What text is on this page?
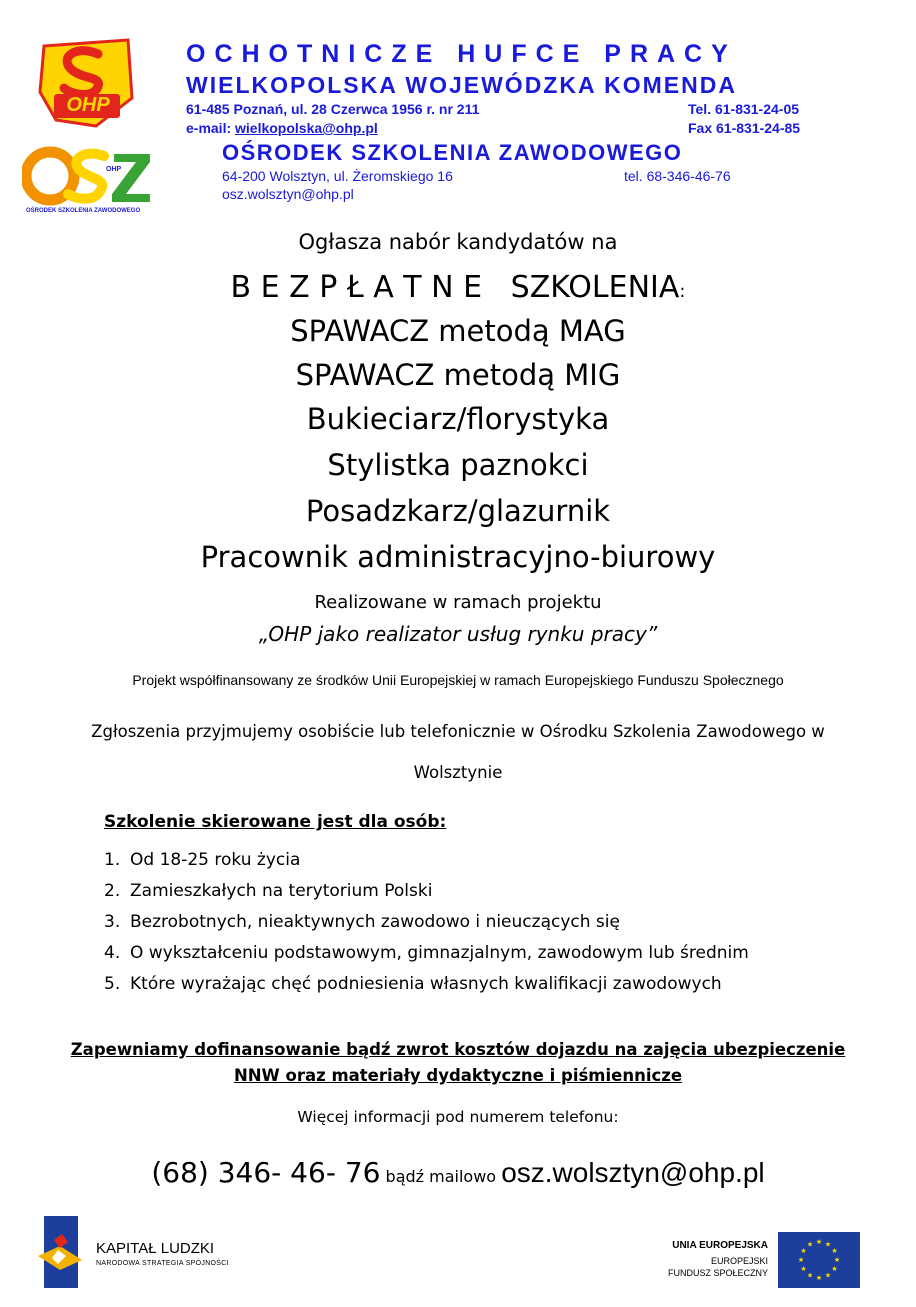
OHP
OHP
OŚRODEK SZKOLENIA ZAWODOWEGO
OCHOTNICZE HUFCE PRACY
WIELKOPOLSKA WOJEWÓDZKA KOMENDA
61-485 Poznań, ul. 28 Czerwca 1956 r. nr 211	Tel. 61-831-24-05
e-mail: wielkopolska@ohp.pl	Fax 61-831-24-85
OŚRODEK SZKOLENIA ZAWODOWEGO
64-200 Wolsztyn, ul. Żeromskiego 16	tel. 68-346-46-76
osz.wolsztyn@ohp.pl
Ogłasza nabór kandydatów na
B E Z P Ł A T N E   SZKOLENIA:
SPAWACZ metodą MAG
SPAWACZ metodą MIG
Bukieciarz/florystyka
Stylistka paznokci
Posadzkarz/glazurnik
Pracownik administracyjno-biurowy
Realizowane w ramach projektu
„OHP jako realizator usług rynku pracy”
Projekt współfinansowany ze środków Unii Europejskiej w ramach Europejskiego Funduszu Społecznego
Zgłoszenia przyjmujemy osobiście lub telefonicznie w Ośrodku Szkolenia Zawodowego w
Wolsztynie
Szkolenie skierowane jest dla osób:
1. Od 18-25 roku życia
2. Zamieszkałych na terytorium Polski
3. Bezrobotnych, nieaktywnych zawodowo i nieuczących się
4. O wykształceniu podstawowym, gimnazjalnym, zawodowym lub średnim
5. Które wyrażając chęć podniesienia własnych kwalifikacji zawodowych
Zapewniamy dofinansowanie bądź zwrot kosztów dojazdu na zajęcia ubezpieczenie
NNW oraz materiały dydaktyczne i piśmiennicze
Więcej informacji pod numerem telefonu:
(68) 346- 46- 76 bądź mailowo osz.wolsztyn@ohp.pl
KAPITAŁ LUDZKI
NARODOWA STRATEGIA SPÓJNOŚCI
UNIA EUROPEJSKA
EUROPEJSKI
FUNDUSZ SPOŁECZNY
★ ★
★
★
★
★
★
★
★
★
★
★
